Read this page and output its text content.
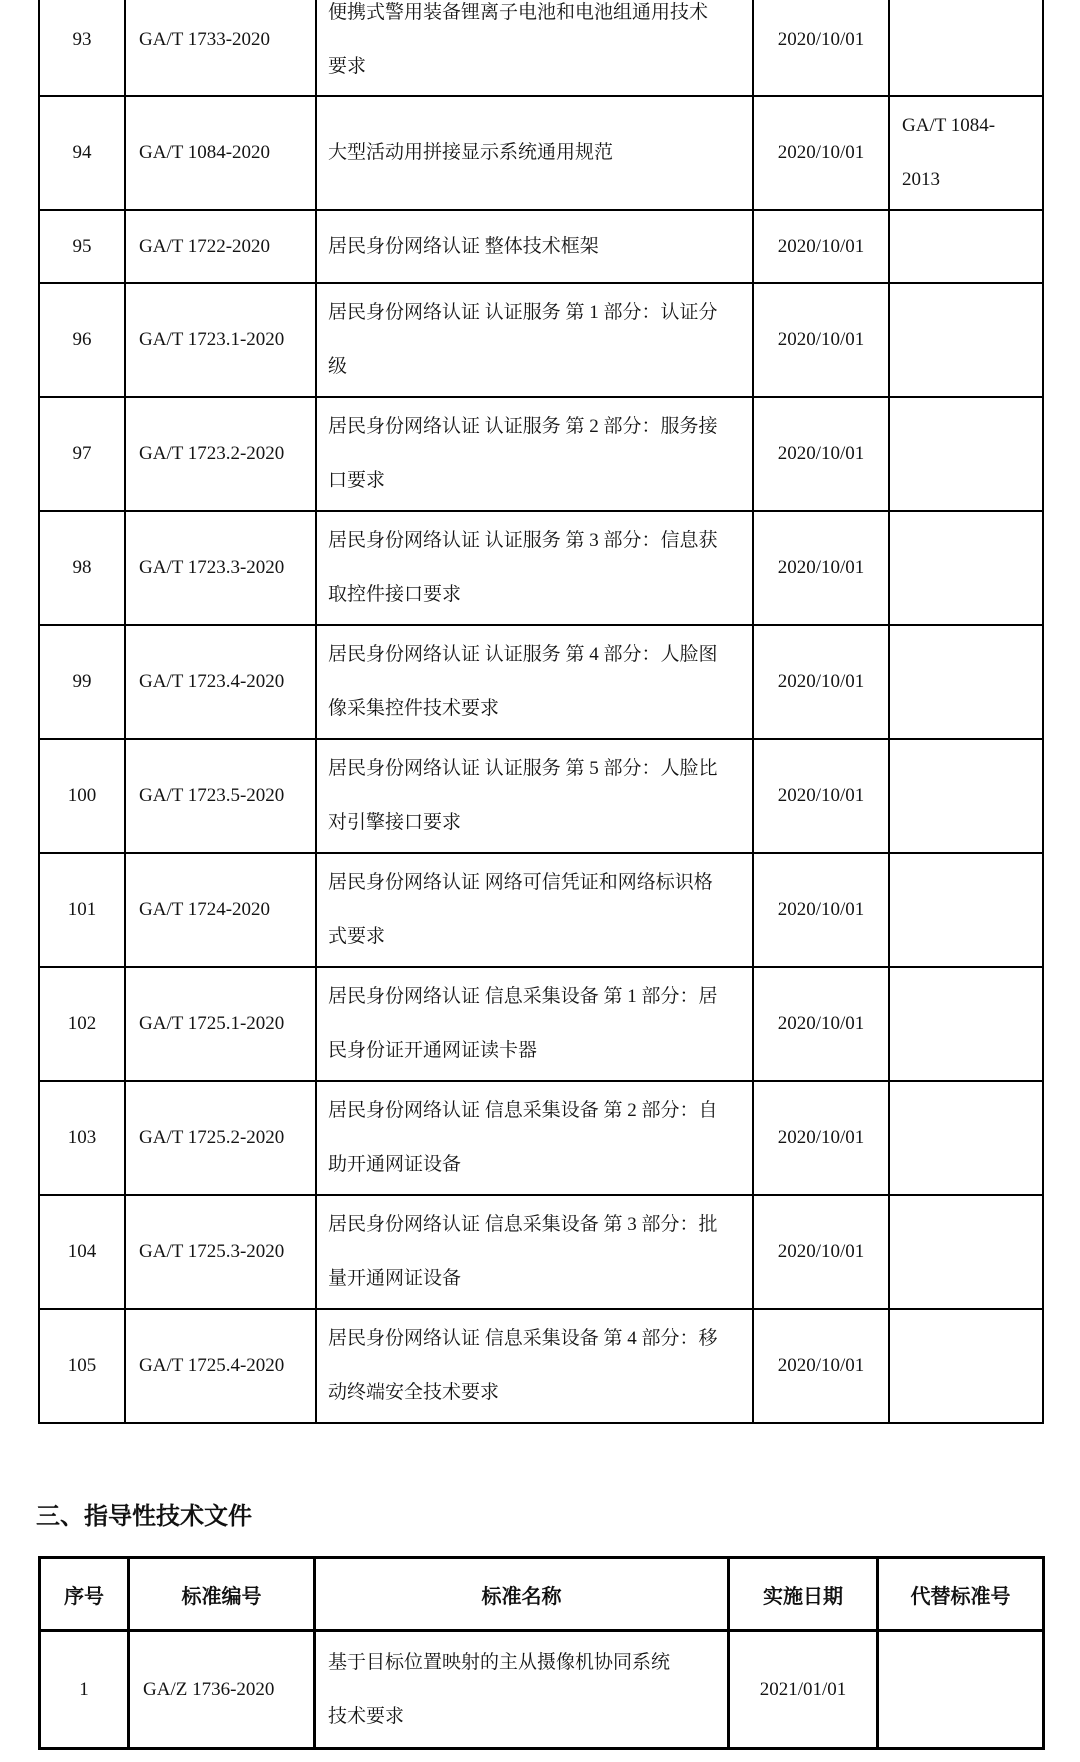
93	GA/T 1733-2020	便携式警用装备锂离子电池和电池组通用技术要求	2020/10/01	
94	GA/T 1084-2020	大型活动用拼接显示系统通用规范	2020/10/01	GA/T 1084-2013
95	GA/T 1722-2020	居民身份网络认证 整体技术框架	2020/10/01	
96	GA/T 1723.1-2020	居民身份网络认证 认证服务 第 1 部分：认证分级	2020/10/01	
97	GA/T 1723.2-2020	居民身份网络认证 认证服务 第 2 部分：服务接口要求	2020/10/01	
98	GA/T 1723.3-2020	居民身份网络认证 认证服务 第 3 部分：信息获取控件接口要求	2020/10/01	
99	GA/T 1723.4-2020	居民身份网络认证 认证服务 第 4 部分：人脸图像采集控件技术要求	2020/10/01	
100	GA/T 1723.5-2020	居民身份网络认证 认证服务 第 5 部分：人脸比对引擎接口要求	2020/10/01	
101	GA/T 1724-2020	居民身份网络认证 网络可信凭证和网络标识格式要求	2020/10/01	
102	GA/T 1725.1-2020	居民身份网络认证 信息采集设备 第 1 部分：居民身份证开通网证读卡器	2020/10/01	
103	GA/T 1725.2-2020	居民身份网络认证 信息采集设备 第 2 部分：自助开通网证设备	2020/10/01	
104	GA/T 1725.3-2020	居民身份网络认证 信息采集设备 第 3 部分：批量开通网证设备	2020/10/01	
105	GA/T 1725.4-2020	居民身份网络认证 信息采集设备 第 4 部分：移动终端安全技术要求	2020/10/01	
三、指导性技术文件
序号	标准编号	标准名称	实施日期	代替标准号
1	GA/Z 1736-2020	基于目标位置映射的主从摄像机协同系统技术要求	2021/01/01	
